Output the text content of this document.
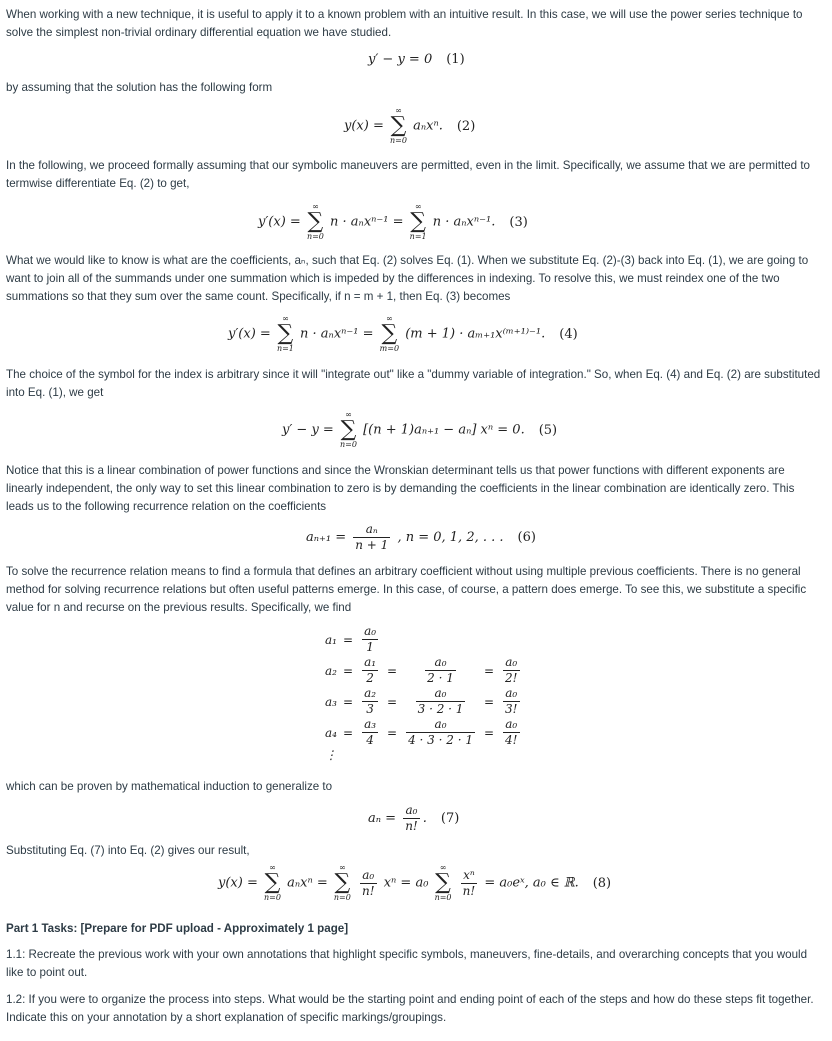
When working with a new technique, it is useful to apply it to a known problem with an intuitive result. In this case, we will use the power series technique to solve the simplest non-trivial ordinary differential equation we have studied.

y′ − y = 0 (1)

by assuming that the solution has the following form

y(x) =
∞
∑
n=0
aₙxⁿ. (2)

In the following, we proceed formally assuming that our symbolic maneuvers are permitted, even in the limit. Specifically, we assume that we are permitted to termwise differentiate Eq. (2) to get,

y′(x) =
∞
∑
n=0
n · aₙxⁿ⁻¹ =
∞
∑
n=1
n · aₙxⁿ⁻¹. (3)

What we would like to know is what are the coefficients, aₙ, such that Eq. (2) solves Eq. (1). When we substitute Eq. (2)-(3) back into Eq. (1), we are going to want to join all of the summands under one summation which is impeded by the differences in indexing. To resolve this, we must reindex one of the two summations so that they sum over the same count. Specifically, if n = m + 1, then Eq. (3) becomes

y′(x) =
∞
∑
n=1
n · aₙxⁿ⁻¹ =
∞
∑
m=0
(m + 1) · aₘ₊₁x⁽ᵐ⁺¹⁾⁻¹. (4)

The choice of the symbol for the index is arbitrary since it will "integrate out" like a "dummy variable of integration." So, when Eq. (4) and Eq. (2) are substituted into Eq. (1), we get

y′ − y =
∞
∑
n=0
[(n + 1)aₙ₊₁ − aₙ] xⁿ = 0. (5)

Notice that this is a linear combination of power functions and since the Wronskian determinant tells us that power functions with different exponents are linearly independent, the only way to set this linear combination to zero is by demanding the coefficients in the linear combination are identically zero. This leads us to the following recurrence relation on the coefficients

$a_{n+1} = \frac{\text{aₙ}}{n + 1}$ , n = 0, 1, 2, . . . (6)

To solve the recurrence relation means to find a formula that defines an arbitrary coefficient without using multiple previous coefficients. There is no general method for solving recurrence relations but often useful patterns emerge. In this case, of course, a pattern does emerge. To see this, we substitute a specific value for n and recurse on the previous results. Specifically, we find

a₁	=	$\frac{\text{a₀}}{1}$

a₂	=	$\frac{\text{a₁}}{2}$	=	$\frac{\text{a₀}}{2 \cdot 1}$	=	$\frac{\text{a₀}}{2!}$

a₃	=	$\frac{\text{a₂}}{3}$	=	$\frac{\text{a₀}}{3 \cdot 2 \cdot 1}$	=	$\frac{\text{a₀}}{3!}$

a₄	=	$\frac{\text{a₃}}{4}$	=	$\frac{\text{a₀}}{4 \cdot 3 \cdot 2 \cdot 1}$	=	$\frac{\text{a₀}}{4!}$

⋮						

which can be proven by mathematical induction to generalize to

$a_n = \frac{\text{a₀}}{n!}$ . (7)

Substituting Eq. (7) into Eq. (2) gives our result,

y(x) =
∞
∑
n=0
aₙxⁿ =
∞
∑
n=0
$\frac{\text{a₀}}{n!}$ xⁿ = a₀
∞
∑
n=0
$\frac{\text{xⁿ}}{n!}$ = a₀eˣ, a₀ ∈ ℝ. (8)

Part 1 Tasks: [Prepare for PDF upload - Approximately 1 page]

1.1: Recreate the previous work with your own annotations that highlight specific symbols, maneuvers, fine-details, and overarching concepts that you would like to point out.

1.2: If you were to organize the process into steps. What would be the starting point and ending point of each of the steps and how do these steps fit together. Indicate this on your annotation by a short explanation of specific markings/groupings.
